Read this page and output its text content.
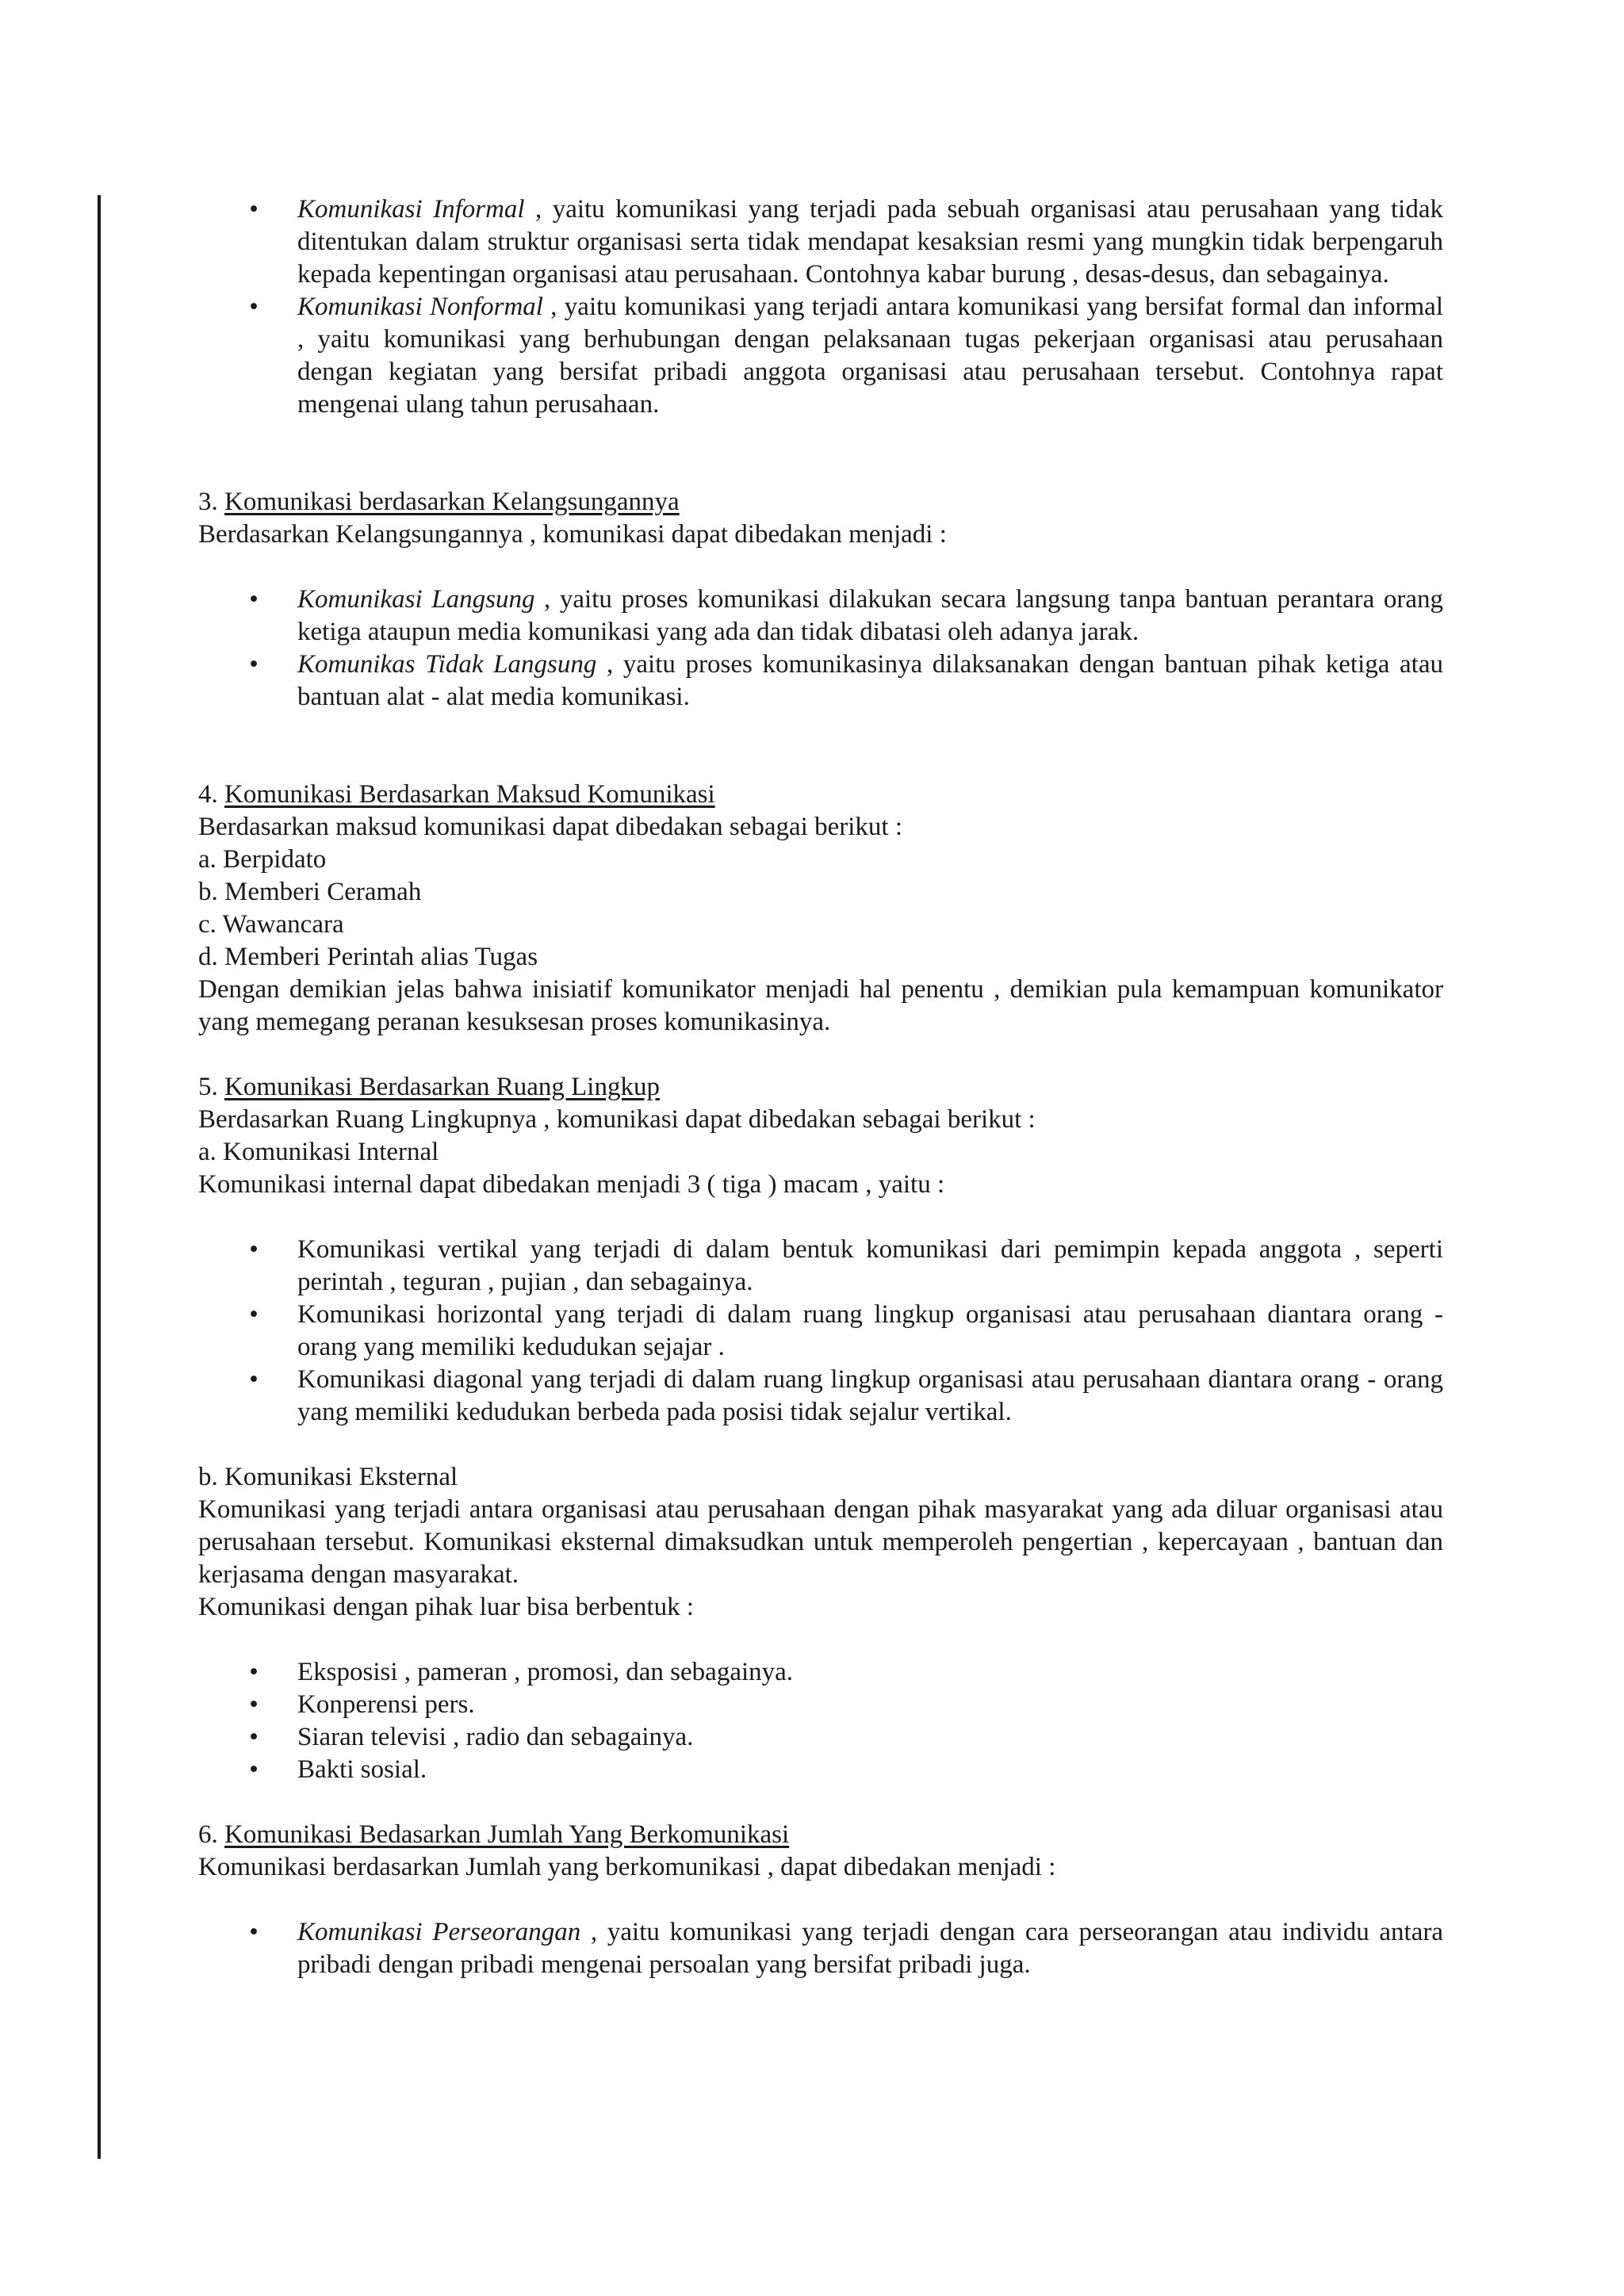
• Komunikasi Informal , yaitu komunikasi yang terjadi pada sebuah organisasi atau perusahaan yang tidak ditentukan dalam struktur organisasi serta tidak mendapat kesaksian resmi yang mungkin tidak berpengaruh kepada kepentingan organisasi atau perusahaan. Contohnya kabar burung , desas-desus, dan sebagainya.
• Komunikasi Nonformal , yaitu komunikasi yang terjadi antara komunikasi yang bersifat formal dan informal , yaitu komunikasi yang berhubungan dengan pelaksanaan tugas pekerjaan organisasi atau perusahaan dengan kegiatan yang bersifat pribadi anggota organisasi atau perusahaan tersebut. Contohnya rapat mengenai ulang tahun perusahaan.

3. Komunikasi berdasarkan Kelangsungannya

Berdasarkan Kelangsungannya , komunikasi dapat dibedakan menjadi :

• Komunikasi Langsung , yaitu proses komunikasi dilakukan secara langsung tanpa bantuan perantara orang ketiga ataupun media komunikasi yang ada dan tidak dibatasi oleh adanya jarak.
• Komunikas Tidak Langsung , yaitu proses komunikasinya dilaksanakan dengan bantuan pihak ketiga atau bantuan alat - alat media komunikasi.

4. Komunikasi Berdasarkan Maksud Komunikasi

Berdasarkan maksud komunikasi dapat dibedakan sebagai berikut :

a. Berpidato

b. Memberi Ceramah

c. Wawancara

d. Memberi Perintah alias Tugas

Dengan demikian jelas bahwa inisiatif komunikator menjadi hal penentu , demikian pula kemampuan komunikator yang memegang peranan kesuksesan proses komunikasinya.

5. Komunikasi Berdasarkan Ruang Lingkup

Berdasarkan Ruang Lingkupnya , komunikasi dapat dibedakan sebagai berikut :

a. Komunikasi Internal

Komunikasi internal dapat dibedakan menjadi 3 ( tiga ) macam , yaitu :

• Komunikasi vertikal yang terjadi di dalam bentuk komunikasi dari pemimpin kepada anggota , seperti perintah , teguran , pujian , dan sebagainya.
• Komunikasi horizontal yang terjadi di dalam ruang lingkup organisasi atau perusahaan diantara orang - orang yang memiliki kedudukan sejajar .
• Komunikasi diagonal yang terjadi di dalam ruang lingkup organisasi atau perusahaan diantara orang - orang yang memiliki kedudukan berbeda pada posisi tidak sejalur vertikal.

b. Komunikasi Eksternal

Komunikasi yang terjadi antara organisasi atau perusahaan dengan pihak masyarakat yang ada diluar organisasi atau perusahaan tersebut. Komunikasi eksternal dimaksudkan untuk memperoleh pengertian , kepercayaan , bantuan dan kerjasama dengan masyarakat.

Komunikasi dengan pihak luar bisa berbentuk :

• Eksposisi , pameran , promosi, dan sebagainya.
• Konperensi pers.
• Siaran televisi , radio dan sebagainya.
• Bakti sosial.

6. Komunikasi Bedasarkan Jumlah Yang Berkomunikasi

Komunikasi berdasarkan Jumlah yang berkomunikasi , dapat dibedakan menjadi :

• Komunikasi Perseorangan , yaitu komunikasi yang terjadi dengan cara perseorangan atau individu antara pribadi dengan pribadi mengenai persoalan yang bersifat pribadi juga.
